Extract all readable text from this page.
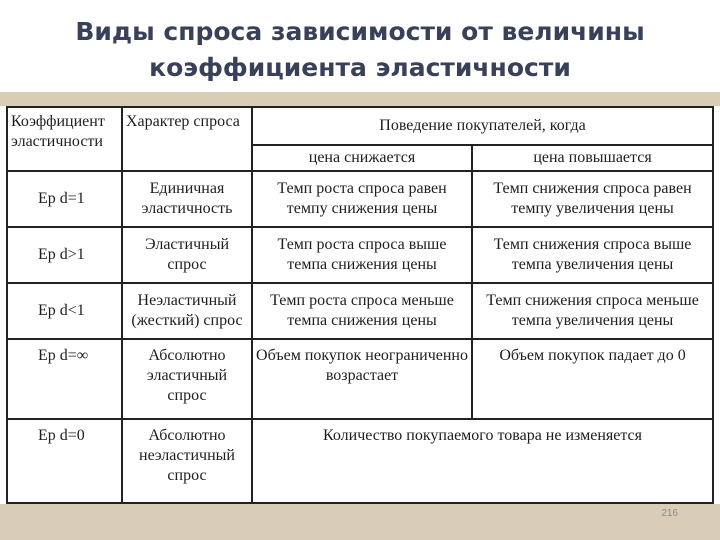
Виды спроса зависимости от величины коэффициента эластичности
Коэффициент эластичности	Характер спроса	Поведение покупателей, когда	
		цена снижается	цена повышается
Ep d=1	Единичная эластичность	Темп роста спроса равен темпу снижения цены	Темп снижения спроса равен темпу увеличения цены
Ep d>1	Эластичный спрос	Темп роста спроса выше темпа снижения цены	Темп снижения спроса выше темпа увеличения цены
Ep d<1	Неэластичный (жесткий) спрос	Темп роста спроса меньше темпа снижения цены	Темп снижения спроса меньше темпа увеличения цены
Ep d=∞	Абсолютно эластичный спрос	Объем покупок неограниченно возрастает	Объем покупок падает до 0
Ep d=0	Абсолютно неэластичный спрос	Количество покупаемого товара не изменяется	
216
